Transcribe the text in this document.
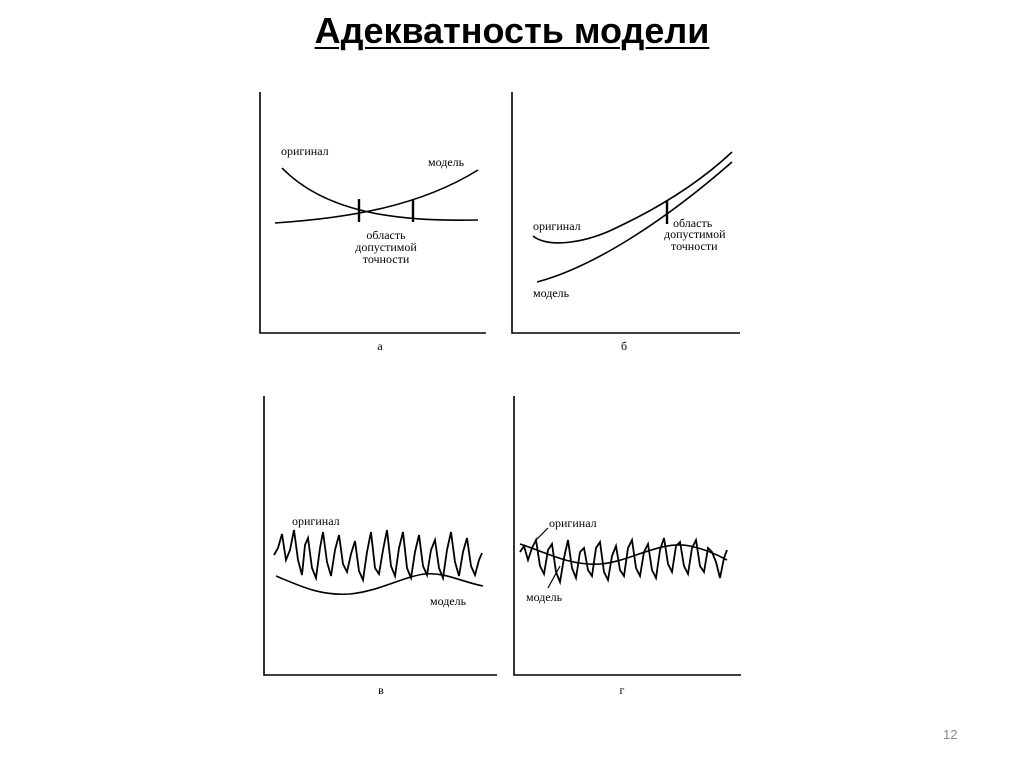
Адекватность модели
оригинал
модель
область
допустимой
точности
а
оригинал
модель
область
допустимой
точности
б
оригинал
модель
в
оригинал
модель
г
12
